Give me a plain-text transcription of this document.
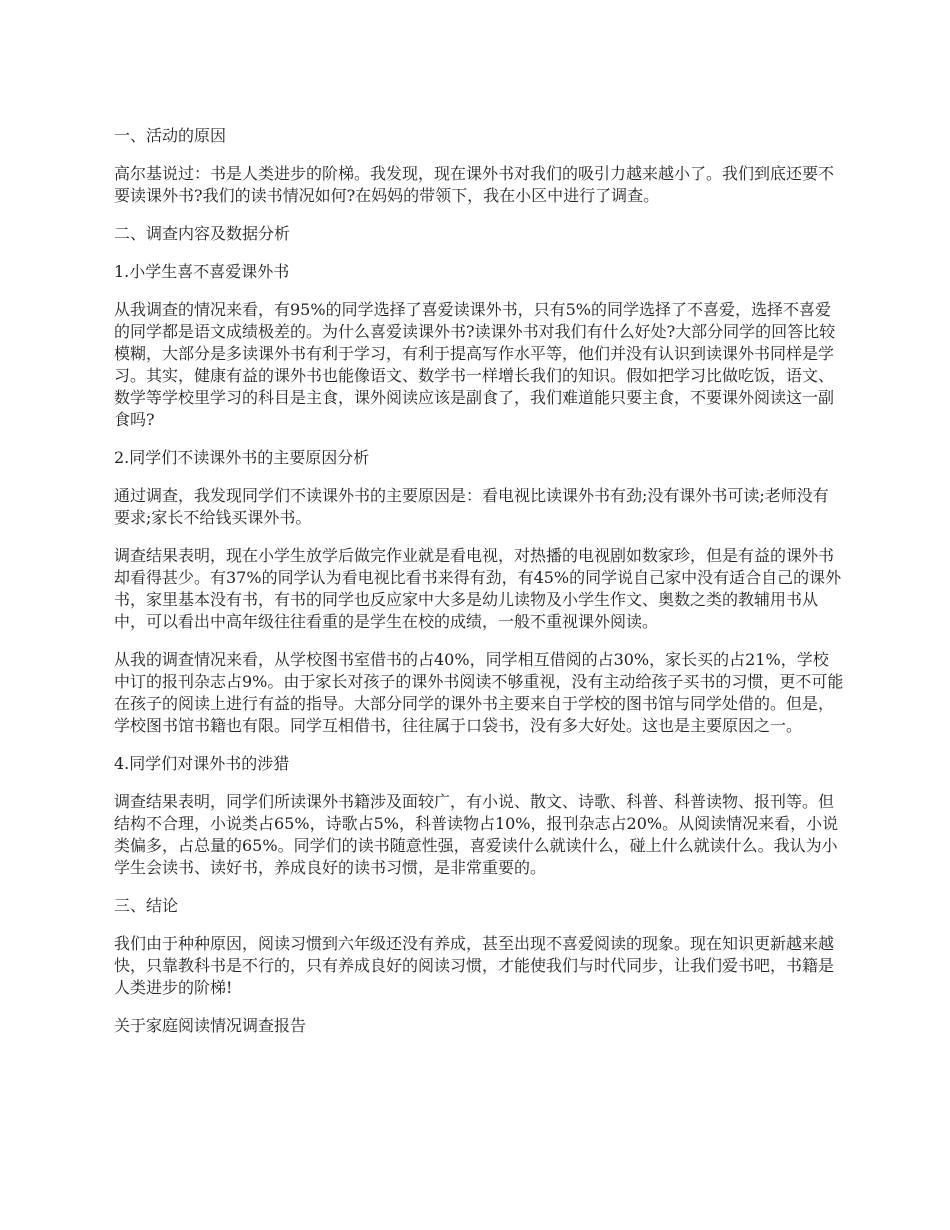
一、活动的原因

高尔基说过：书是人类进步的阶梯。我发现，现在课外书对我们的吸引力越来越小了。我们到底还要不要读课外书?我们的读书情况如何?在妈妈的带领下，我在小区中进行了调查。

二、调查内容及数据分析

1.小学生喜不喜爱课外书

从我调查的情况来看，有95%的同学选择了喜爱读课外书，只有5%的同学选择了不喜爱，选择不喜爱的同学都是语文成绩极差的。为什么喜爱读课外书?读课外书对我们有什么好处?大部分同学的回答比较模糊，大部分是多读课外书有利于学习，有利于提高写作水平等，他们并没有认识到读课外书同样是学习。其实，健康有益的课外书也能像语文、数学书一样增长我们的知识。假如把学习比做吃饭，语文、数学等学校里学习的科目是主食，课外阅读应该是副食了，我们难道能只要主食，不要课外阅读这一副食吗?

2.同学们不读课外书的主要原因分析

通过调查，我发现同学们不读课外书的主要原因是：看电视比读课外书有劲;没有课外书可读;老师没有要求;家长不给钱买课外书。

调查结果表明，现在小学生放学后做完作业就是看电视，对热播的电视剧如数家珍，但是有益的课外书却看得甚少。有37%的同学认为看电视比看书来得有劲，有45%的同学说自己家中没有适合自己的课外书，家里基本没有书，有书的同学也反应家中大多是幼儿读物及小学生作文、奥数之类的教辅用书从中，可以看出中高年级往往看重的是学生在校的成绩，一般不重视课外阅读。

从我的调查情况来看，从学校图书室借书的占40%，同学相互借阅的占30%，家长买的占21%，学校中订的报刊杂志占9%。由于家长对孩子的课外书阅读不够重视，没有主动给孩子买书的习惯，更不可能在孩子的阅读上进行有益的指导。大部分同学的课外书主要来自于学校的图书馆与同学处借的。但是，学校图书馆书籍也有限。同学互相借书，往往属于口袋书，没有多大好处。这也是主要原因之一。

4.同学们对课外书的涉猎

调查结果表明，同学们所读课外书籍涉及面较广，有小说、散文、诗歌、科普、科普读物、报刊等。但结构不合理，小说类占65%，诗歌占5%，科普读物占10%，报刊杂志占20%。从阅读情况来看，小说类偏多，占总量的65%。同学们的读书随意性强，喜爱读什么就读什么，碰上什么就读什么。我认为小学生会读书、读好书，养成良好的读书习惯，是非常重要的。

三、结论

我们由于种种原因，阅读习惯到六年级还没有养成，甚至出现不喜爱阅读的现象。现在知识更新越来越快，只靠教科书是不行的，只有养成良好的阅读习惯，才能使我们与时代同步，让我们爱书吧，书籍是人类进步的阶梯!

关于家庭阅读情况调查报告
